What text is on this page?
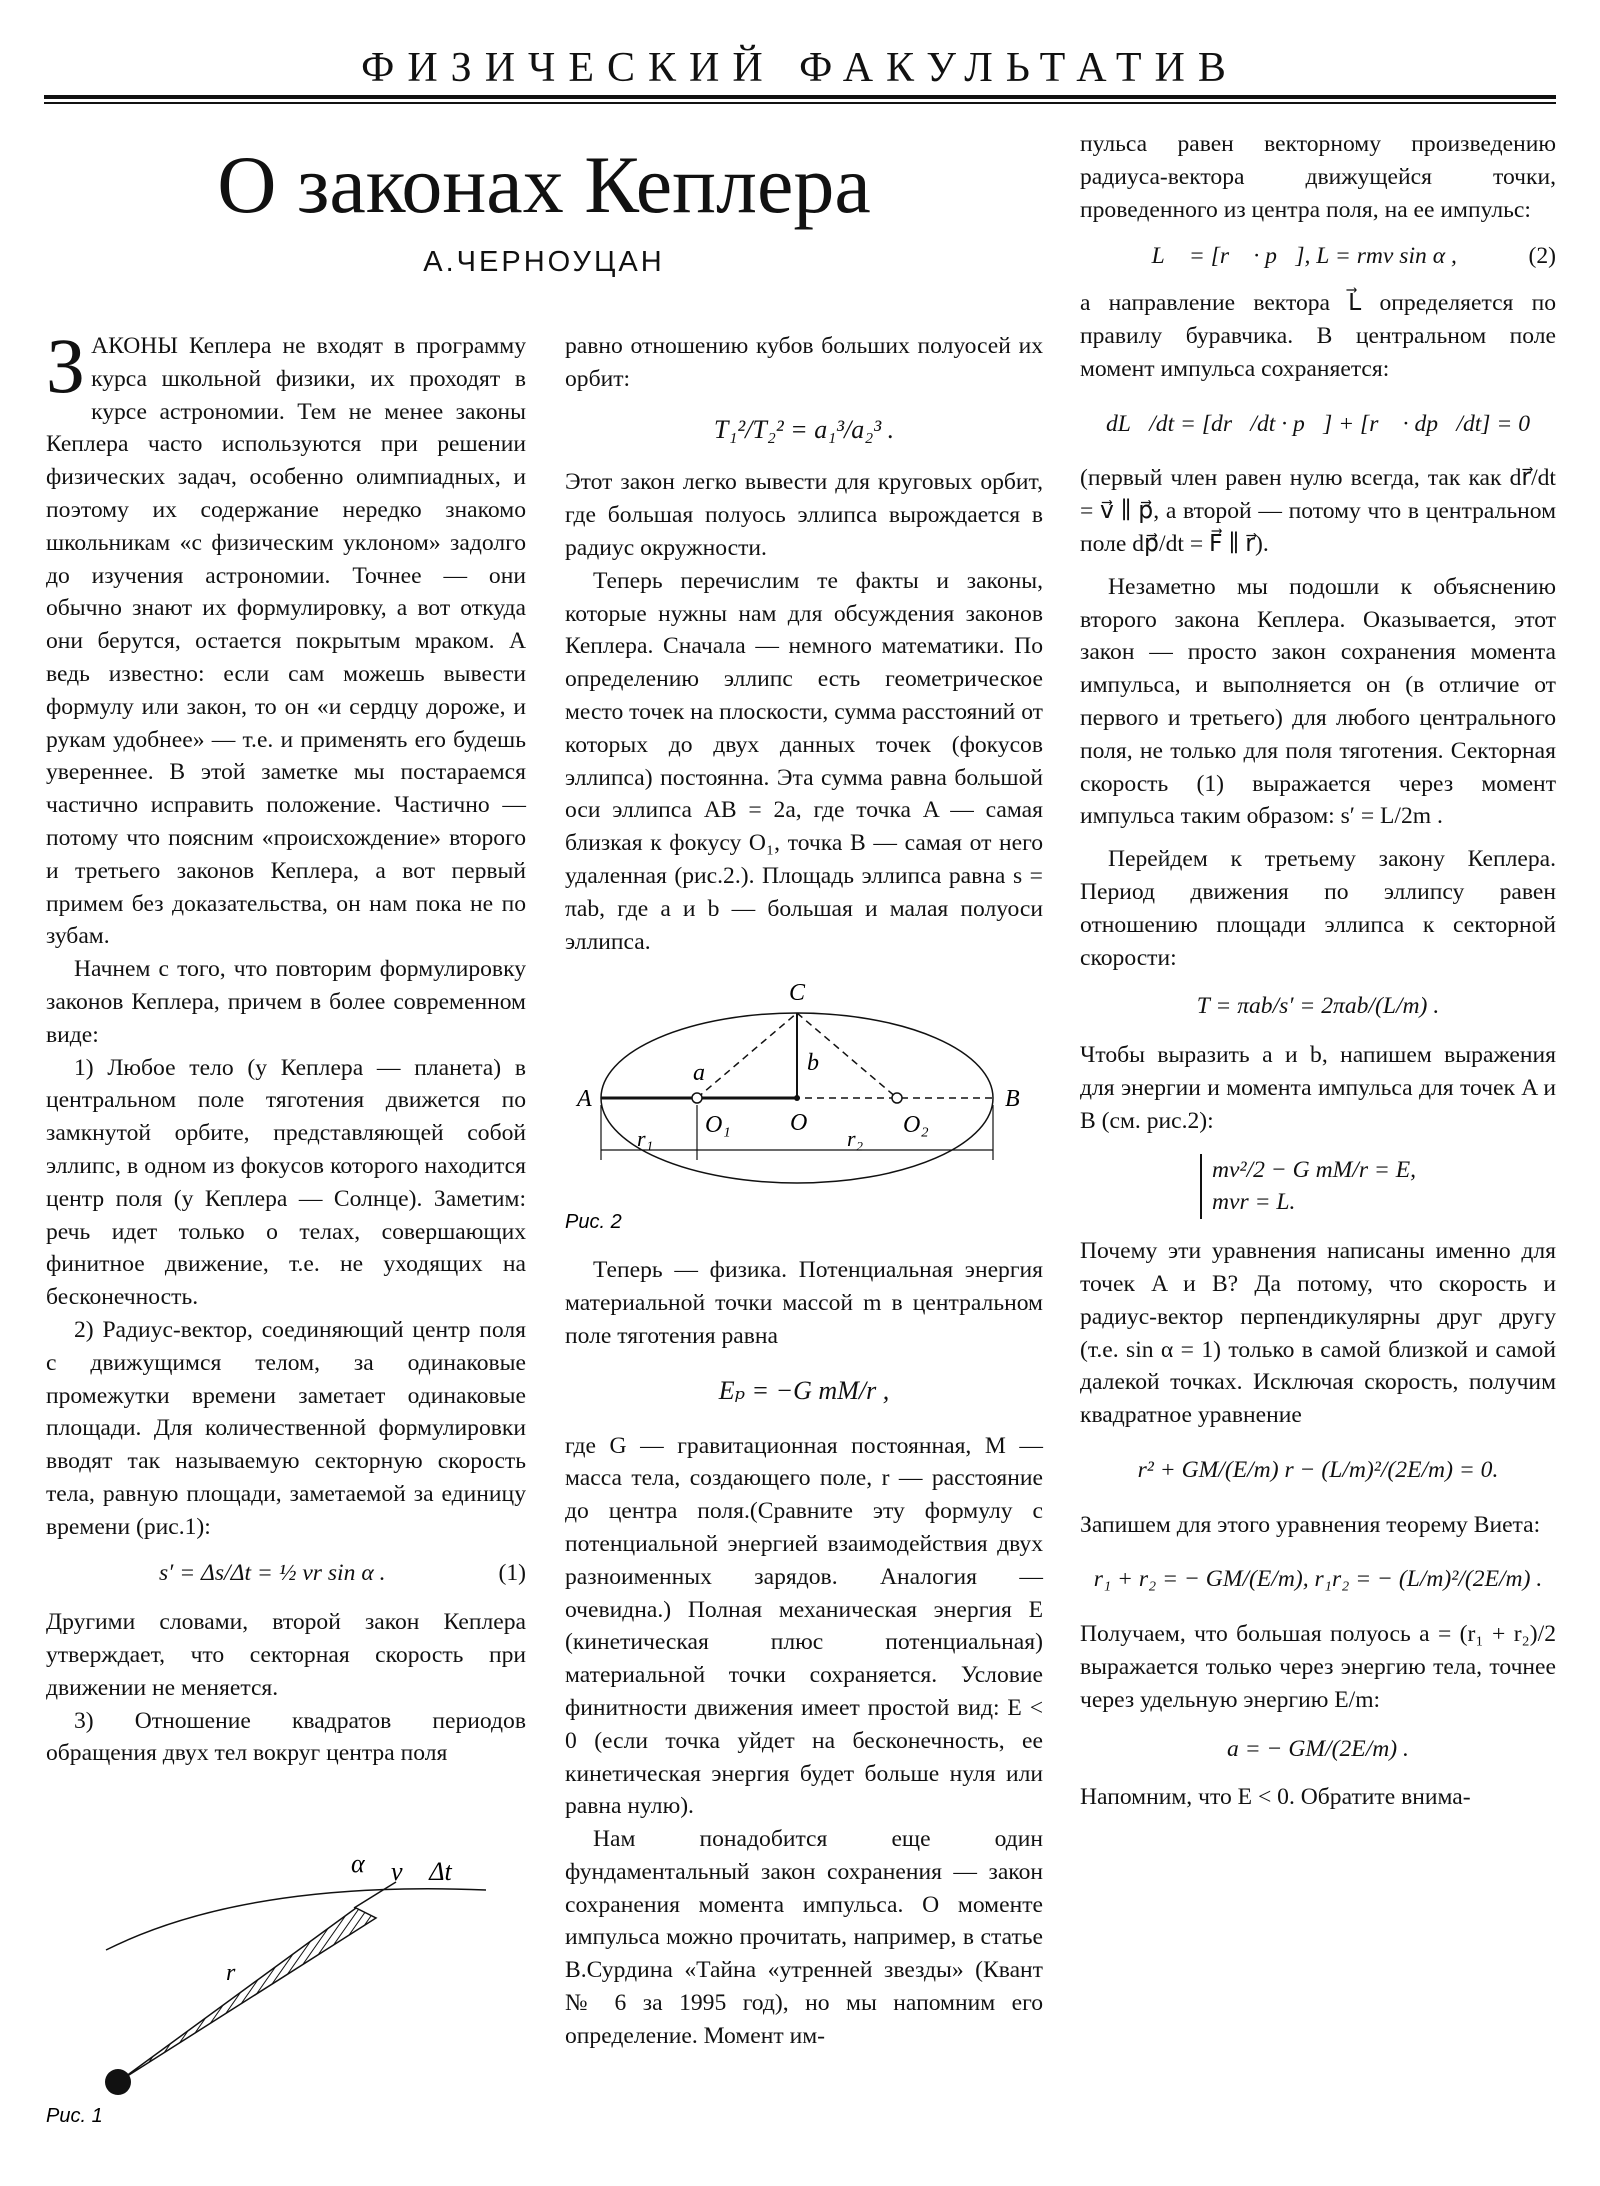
ФИЗИЧЕСКИЙ ФАКУЛЬТАТИВ
О законах Кеплера
А.ЧЕРНОУЦАН

ЗАКОНЫ Кеплера не входят в программу курса школьной физики, их проходят в курсе астрономии. Тем не менее законы Кеплера часто используются при решении физических задач, особенно олимпиадных, и поэтому их содержание нередко знакомо школьникам «с физическим уклоном» задолго до изучения астрономии. Точнее — они обычно знают их формулировку, а вот откуда они берутся, остается покрытым мраком. А ведь известно: если сам можешь вывести формулу или закон, то он «и сердцу дороже, и рукам удобнее» — т.е. и применять его будешь увереннее. В этой заметке мы постараемся частично исправить положение. Частично — потому что поясним «происхождение» второго и третьего законов Кеплера, а вот первый примем без доказательства, он нам пока не по зубам.

Начнем с того, что повторим формулировку законов Кеплера, причем в более современном виде:

1) Любое тело (у Кеплера — планета) в центральном поле тяготения движется по замкнутой орбите, представляющей собой эллипс, в одном из фокусов которого находится центр поля (у Кеплера — Солнце). Заметим: речь идет только о телах, совершающих финитное движение, т.е. не уходящих на бесконечность.

2) Радиус-вектор, соединяющий центр поля с движущимся телом, за одинаковые промежутки времени заметает одинаковые площади. Для количественной формулировки вводят так называемую секторную скорость тела, равную площади, заметаемой за единицу времени (рис.1):

s′ = Δs/Δt = ½ vr sin α .	(1)

Другими словами, второй закон Кеплера утверждает, что секторная скорость при движении не меняется.

3) Отношение квадратов периодов обращения двух тел вокруг центра поля

α v⃗ Δt
r⃗
Рис. 1

равно отношению кубов больших полуосей их орбит:

T₁²/T₂² = a₁³/a₂³ .

Этот закон легко вывести для круговых орбит, где большая полуось эллипса вырождается в радиус окружности.

Теперь перечислим те факты и законы, которые нужны нам для обсуждения законов Кеплера. Сначала — немного математики. По определению эллипс есть геометрическое место точек на плоскости, сумма расстояний от которых до двух данных точек (фокусов эллипса) постоянна. Эта сумма равна большой оси эллипса AB = 2a, где точка A — самая близкая к фокусу O₁, точка B — самая от него удаленная (рис.2.). Площадь эллипса равна s = πab, где a и b — большая и малая полуоси эллипса.

A	B
C
O
O₁	O₂
a	b
r₁	r₂
Рис. 2

Теперь — физика. Потенциальная энергия материальной точки массой m в центральном поле тяготения равна

Eₚ = −G mM/r ,

где G — гравитационная постоянная, M — масса тела, создающего поле, r — расстояние до центра поля.(Сравните эту формулу с потенциальной энергией взаимодействия двух разноименных зарядов. Аналогия — очевидна.) Полная механическая энергия E (кинетическая плюс потенциальная) материальной точки сохраняется. Условие финитности движения имеет простой вид: E < 0 (если точка уйдет на бесконечность, ее кинетическая энергия будет больше нуля или равна нулю).

Нам понадобится еще один фундаментальный закон сохранения — закон сохранения момента импульса. О моменте импульса можно прочитать, например, в статье В.Сурдина «Тайна «утренней звезды» (Квант № 6 за 1995 год), но мы напомним его определение. Момент им-

пульса равен векторному произведению радиуса-вектора движущейся точки, проведенного из центра поля, на ее импульс:

L⃗ = [r⃗ · p⃗], L = rmv sin α ,	(2)

а направление вектора L⃗ определяется по правилу буравчика. В центральном поле момент импульса сохраняется:

dL⃗/dt = [dr⃗/dt · p⃗] + [r⃗ · dp⃗/dt] = 0

(первый член равен нулю всегда, так как dr⃗/dt = v⃗ ∥ p⃗, а второй — потому что в центральном поле dp⃗/dt = F⃗ ∥ r⃗).

Незаметно мы подошли к объяснению второго закона Кеплера. Оказывается, этот закон — просто закон сохранения момента импульса, и выполняется он (в отличие от первого и третьего) для любого центрального поля, не только для поля тяготения. Секторная скорость (1) выражается через момент импульса таким образом: s′ = L/2m .

Перейдем к третьему закону Кеплера. Период движения по эллипсу равен отношению площади эллипса к секторной скорости:

T = πab/s′ = 2πab/(L/m) .

Чтобы выразить a и b, напишем выражения для энергии и момента импульса для точек A и B (см. рис.2):

mv²/2 − G mM/r = E,
mvr = L.

Почему эти уравнения написаны именно для точек A и B? Да потому, что скорость и радиус-вектор перпендикулярны друг другу (т.е. sin α = 1) только в самой близкой и самой далекой точках. Исключая скорость, получим квадратное уравнение

r² + GM/(E/m) r − (L/m)²/(2E/m) = 0.

Запишем для этого уравнения теорему Виета:

r₁ + r₂ = − GM/(E/m), r₁r₂ = − (L/m)²/(2E/m) .

Получаем, что большая полуось a = (r₁ + r₂)/2 выражается только через энергию тела, точнее через удельную энергию E/m:

a = − GM/(2E/m) .

Напомним, что E < 0. Обратите внима-
